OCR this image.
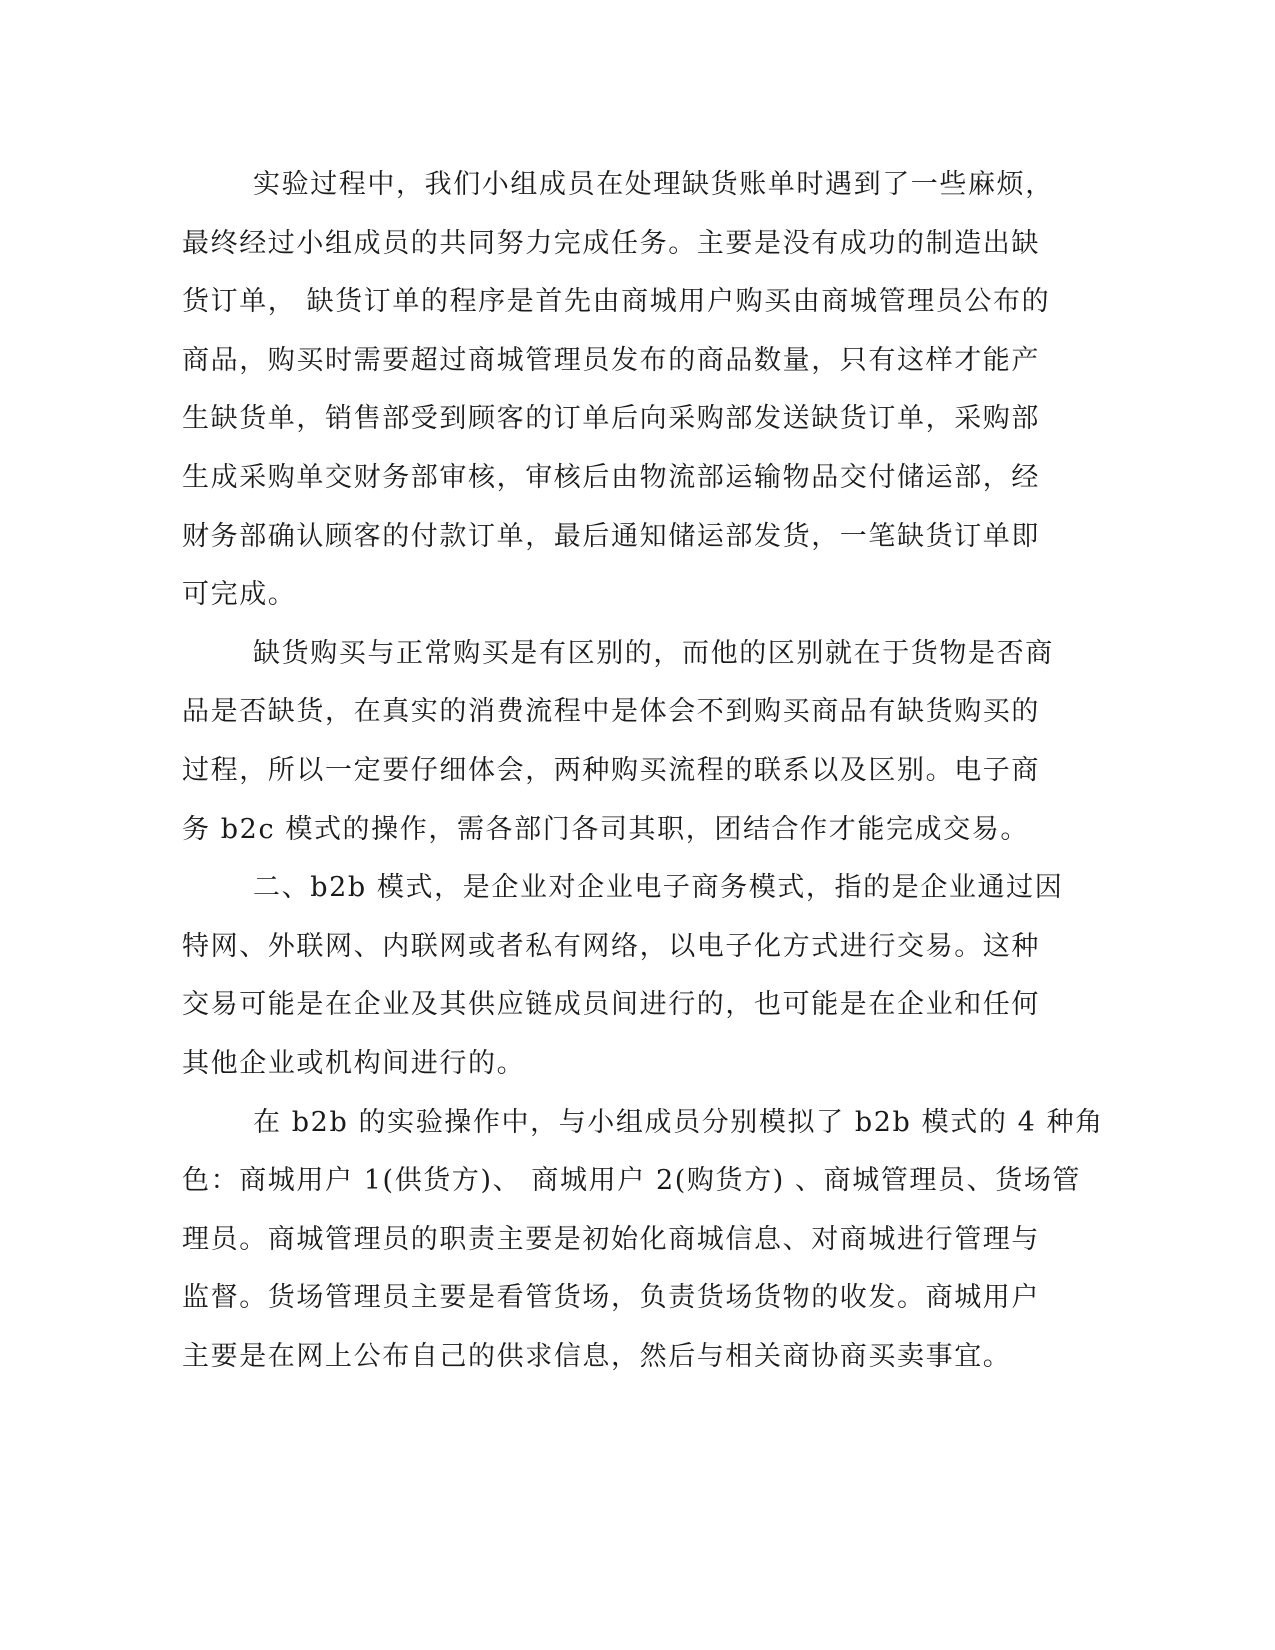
实验过程中，我们小组成员在处理缺货账单时遇到了一些麻烦，
最终经过小组成员的共同努力完成任务。主要是没有成功的制造出缺
货订单， 缺货订单的程序是首先由商城用户购买由商城管理员公布的
商品，购买时需要超过商城管理员发布的商品数量，只有这样才能产
生缺货单，销售部受到顾客的订单后向采购部发送缺货订单，采购部
生成采购单交财务部审核，审核后由物流部运输物品交付储运部，经
财务部确认顾客的付款订单，最后通知储运部发货，一笔缺货订单即
可完成。
缺货购买与正常购买是有区别的，而他的区别就在于货物是否商
品是否缺货，在真实的消费流程中是体会不到购买商品有缺货购买的
过程，所以一定要仔细体会，两种购买流程的联系以及区别。电子商
务 b2c 模式的操作，需各部门各司其职，团结合作才能完成交易。
二、b2b 模式，是企业对企业电子商务模式，指的是企业通过因
特网、外联网、内联网或者私有网络，以电子化方式进行交易。这种
交易可能是在企业及其供应链成员间进行的，也可能是在企业和任何
其他企业或机构间进行的。
在 b2b 的实验操作中，与小组成员分别模拟了 b2b 模式的 4 种角
色：商城用户 1(供货方)、 商城用户 2(购货方) 、商城管理员、货场管
理员。商城管理员的职责主要是初始化商城信息、对商城进行管理与
监督。货场管理员主要是看管货场，负责货场货物的收发。商城用户
主要是在网上公布自己的供求信息，然后与相关商协商买卖事宜。
